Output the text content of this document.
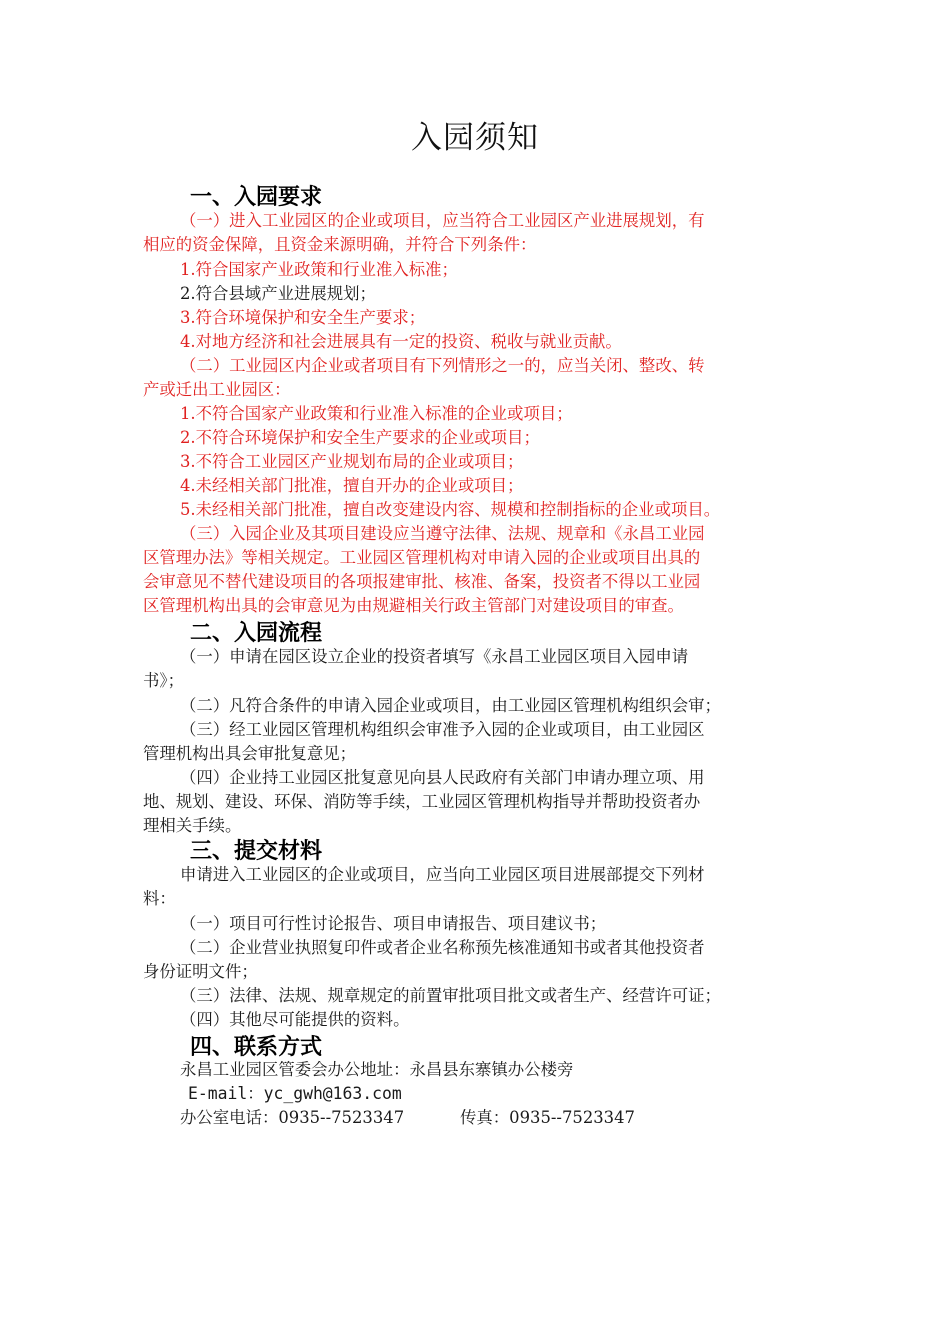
入园须知
一、入园要求
（一）进入工业园区的企业或项目，应当符合工业园区产业进展规划，有
相应的资金保障，且资金来源明确，并符合下列条件：
1.符合国家产业政策和行业准入标准；
2.符合县域产业进展规划；
3.符合环境保护和安全生产要求；
4.对地方经济和社会进展具有一定的投资、税收与就业贡献。
（二）工业园区内企业或者项目有下列情形之一的，应当关闭、整改、转
产或迁出工业园区：
1.不符合国家产业政策和行业准入标准的企业或项目；
2.不符合环境保护和安全生产要求的企业或项目；
3.不符合工业园区产业规划布局的企业或项目；
4.未经相关部门批准，擅自开办的企业或项目；
5.未经相关部门批准，擅自改变建设内容、规模和控制指标的企业或项目。
（三）入园企业及其项目建设应当遵守法律、法规、规章和《永昌工业园
区管理办法》等相关规定。工业园区管理机构对申请入园的企业或项目出具的
会审意见不替代建设项目的各项报建审批、核准、备案，投资者不得以工业园
区管理机构出具的会审意见为由规避相关行政主管部门对建设项目的审查。
二、入园流程
（一）申请在园区设立企业的投资者填写《永昌工业园区项目入园申请
书》；
（二）凡符合条件的申请入园企业或项目，由工业园区管理机构组织会审；
（三）经工业园区管理机构组织会审准予入园的企业或项目，由工业园区
管理机构出具会审批复意见；
（四）企业持工业园区批复意见向县人民政府有关部门申请办理立项、用
地、规划、建设、环保、消防等手续，工业园区管理机构指导并帮助投资者办
理相关手续。
三、提交材料
申请进入工业园区的企业或项目，应当向工业园区项目进展部提交下列材
料：
（一）项目可行性讨论报告、项目申请报告、项目建议书；
（二）企业营业执照复印件或者企业名称预先核准通知书或者其他投资者
身份证明文件；
（三）法律、法规、规章规定的前置审批项目批文或者生产、经营许可证；
（四）其他尽可能提供的资料。
四、联系方式
永昌工业园区管委会办公地址：永昌县东寨镇办公楼旁
E-mail：yc_gwh@163.com
办公室电话：0935--7523347	传真：0935--7523347
